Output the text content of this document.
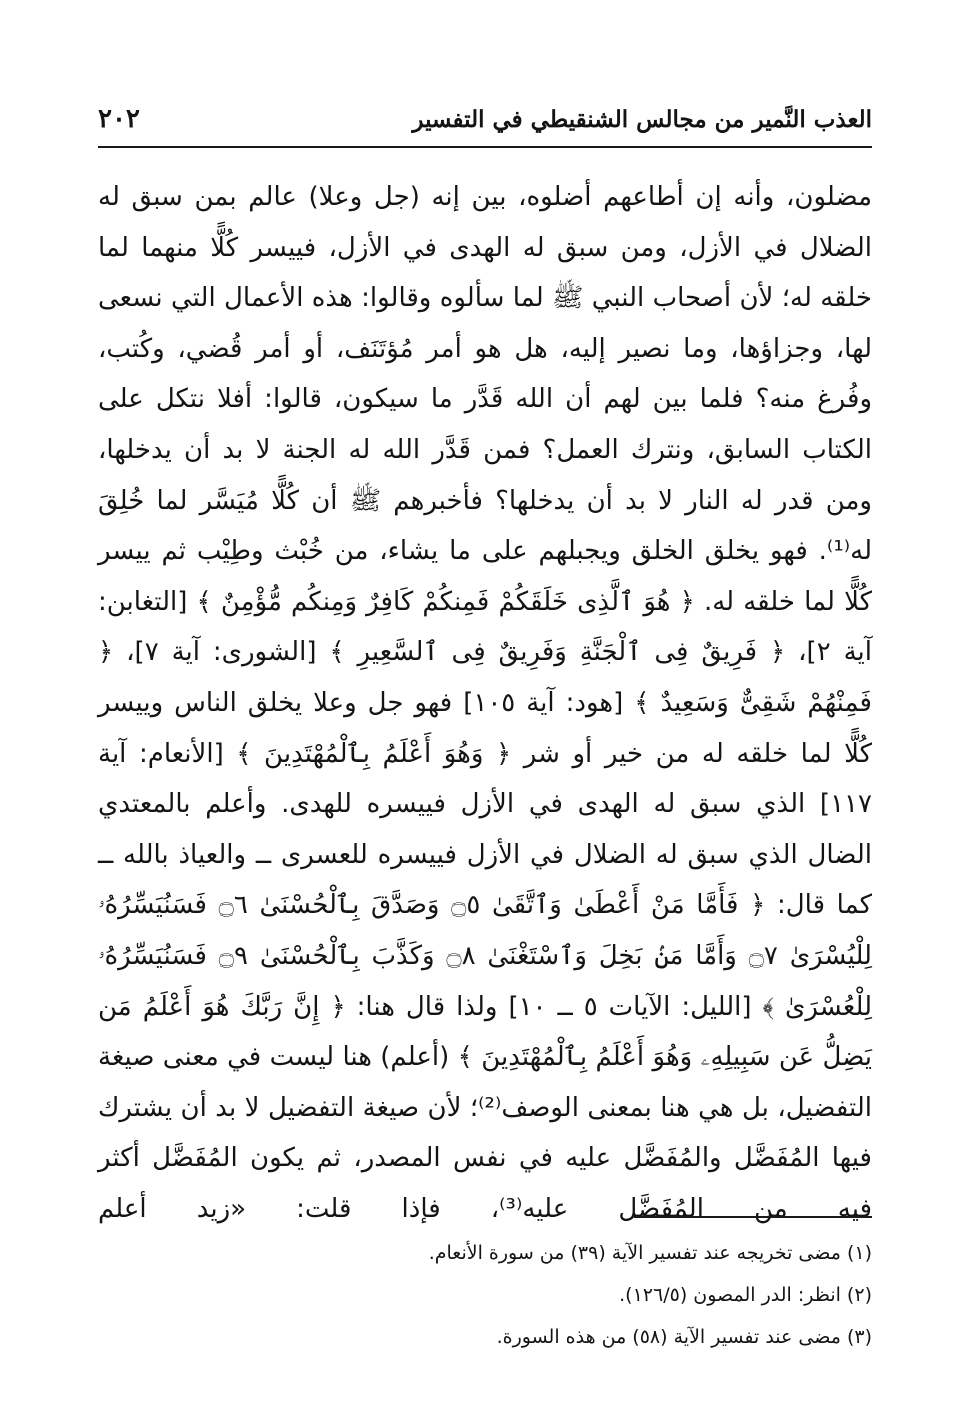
العذب النَّمير من مجالس الشنقيطي في التفسير
٢٠٢

مضلون، وأنه إن أطاعهم أضلوه، بين إنه (جل وعلا) عالم بمن سبق له الضلال في الأزل، ومن سبق له الهدى في الأزل، فييسر كُلًّا منهما لما خلقه له؛ لأن أصحاب النبي ﷺ لما سألوه وقالوا: هذه الأعمال التي نسعى لها، وجزاؤها، وما نصير إليه، هل هو أمر مُؤتَنَف، أو أمر قُضي، وكُتب، وفُرغ منه؟ فلما بين لهم أن الله قَدَّر ما سيكون، قالوا: أفلا نتكل على الكتاب السابق، ونترك العمل؟ فمن قَدَّر الله له الجنة لا بد أن يدخلها، ومن قدر له النار لا بد أن يدخلها؟ فأخبرهم ﷺ أن كُلًّا مُيَسَّر لما خُلِقَ له⁽¹⁾. فهو يخلق الخلق ويجبلهم على ما يشاء، من خُبْث وطِيْب ثم ييسر كُلًّا لما خلقه له. ﴿ هُوَ ٱلَّذِى خَلَقَكُمْ فَمِنكُمْ كَافِرٌ وَمِنكُم مُّؤْمِنٌ ﴾ [التغابن: آية ٢]، ﴿ فَرِيقٌ فِى ٱلْجَنَّةِ وَفَرِيقٌ فِى ٱلسَّعِيرِ ﴾ [الشورى: آية ٧]، ﴿ فَمِنْهُمْ شَقِىٌّ وَسَعِيدٌ ﴾ [هود: آية ١٠٥] فهو جل وعلا يخلق الناس وييسر كُلًّا لما خلقه له من خير أو شر ﴿ وَهُوَ أَعْلَمُ بِٱلْمُهْتَدِينَ ﴾ [الأنعام: آية ١١٧] الذي سبق له الهدى في الأزل فييسره للهدى. وأعلم بالمعتدي الضال الذي سبق له الضلال في الأزل فييسره للعسرى ــ والعياذ بالله ــ كما قال: ﴿ فَأَمَّا مَنْ أَعْطَىٰ وَٱتَّقَىٰ ۝٥ وَصَدَّقَ بِٱلْحُسْنَىٰ ۝٦ فَسَنُيَسِّرُهُۥ لِلْيُسْرَىٰ ۝٧ وَأَمَّا مَنۢ بَخِلَ وَٱسْتَغْنَىٰ ۝٨ وَكَذَّبَ بِٱلْحُسْنَىٰ ۝٩ فَسَنُيَسِّرُهُۥ لِلْعُسْرَىٰ ﴾ [الليل: الآيات ٥ ــ ١٠] ولذا قال هنا: ﴿ إِنَّ رَبَّكَ هُوَ أَعْلَمُ مَن يَضِلُّ عَن سَبِيلِهِۦ وَهُوَ أَعْلَمُ بِٱلْمُهْتَدِينَ ﴾ (أعلم) هنا ليست في معنى صيغة التفضيل، بل هي هنا بمعنى الوصف⁽²⁾؛ لأن صيغة التفضيل لا بد أن يشترك فيها المُفَضَّل والمُفَضَّل عليه في نفس المصدر، ثم يكون المُفَضَّل أكثر فيه من المُفَضَّل عليه⁽³⁾، فإذا قلت: «زيد أعلم

(١) مضى تخريجه عند تفسير الآية (٣٩) من سورة الأنعام.
(٢) انظر: الدر المصون (١٢٦/٥).
(٣) مضى عند تفسير الآية (٥٨) من هذه السورة.
